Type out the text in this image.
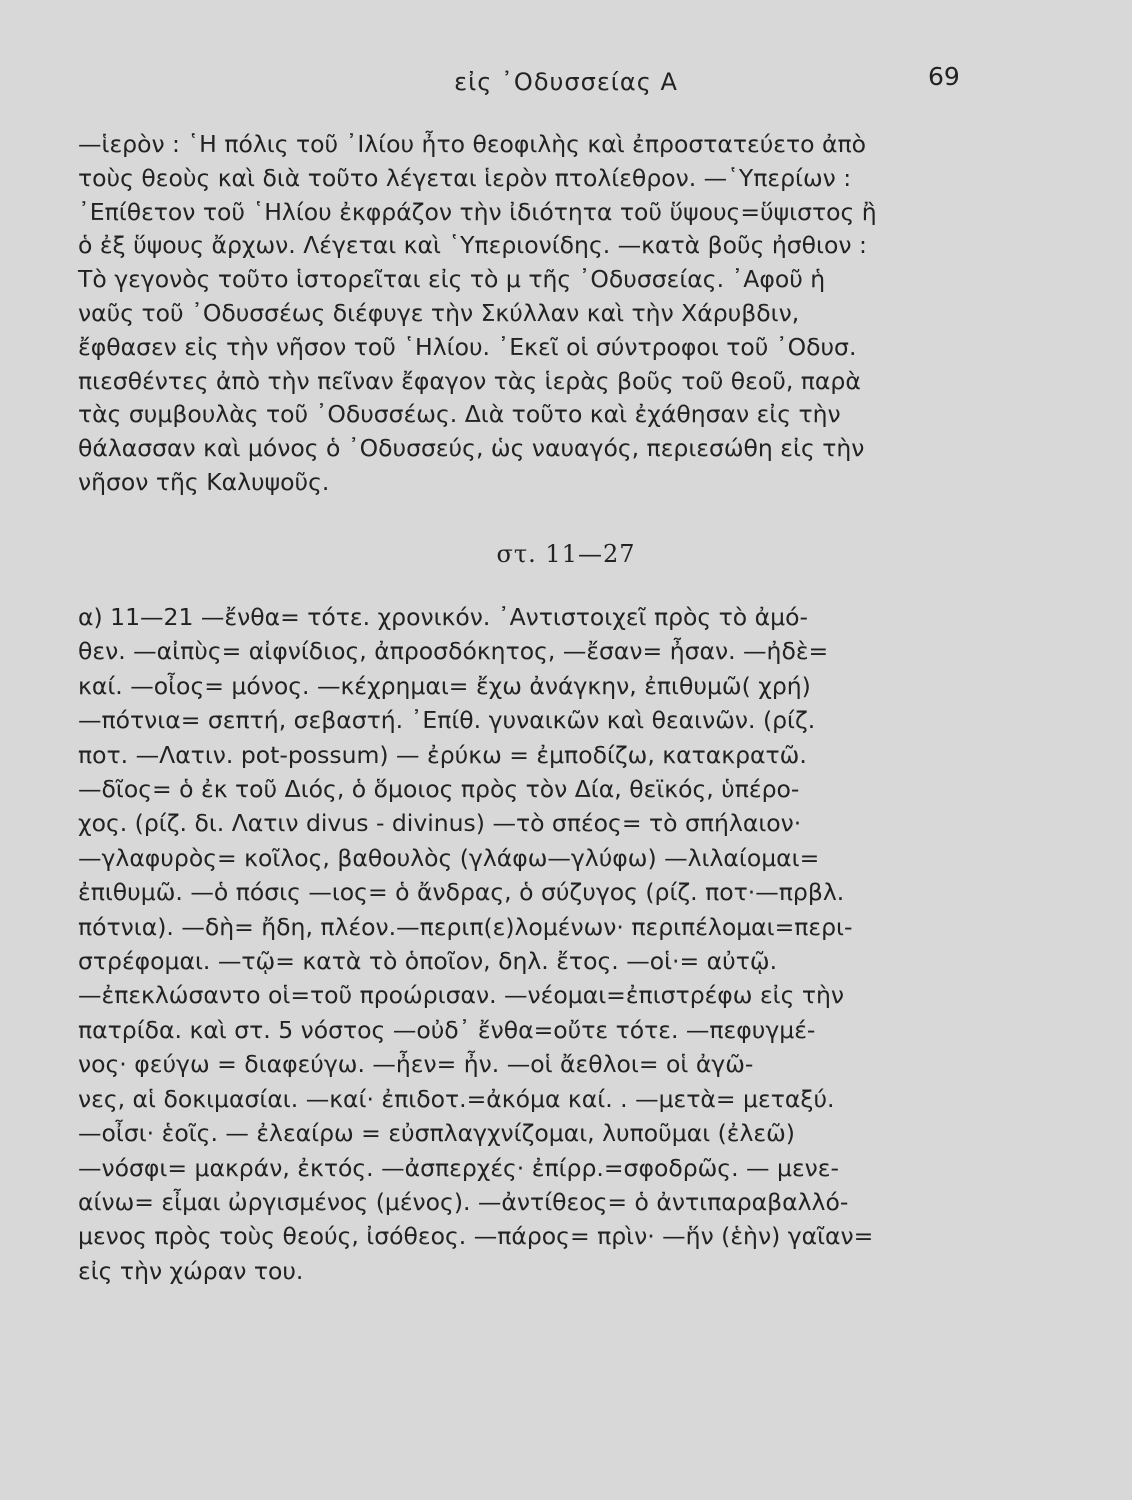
εἰς ᾿Οδυσσείας Α	69
—ἱερὸν : ῾Η πόλις τοῦ ᾿Ιλίου ἦτο θεοφιλὴς καὶ ἐπροστατεύετο ἀπὸ
τοὺς θεοὺς καὶ διὰ τοῦτο λέγεται ἱερὸν πτολίεθρον. —῾Υπερίων :
᾿Επίθετον τοῦ ῾Ηλίου ἐκφράζον τὴν ἰδιότητα τοῦ ὕψους=ὕψιστος ἢ
ὁ ἐξ ὕψους ἄρχων. Λέγεται καὶ ῾Υπεριονίδης. —κατὰ βοῦς ἠσθιον :
Τὸ γεγονὸς τοῦτο ἱστορεῖται εἰς τὸ μ τῆς ᾿Οδυσσείας. ᾿Αφοῦ ἡ
ναῦς τοῦ ᾿Οδυσσέως διέφυγε τὴν Σκύλλαν καὶ τὴν Χάρυβδιν,
ἔφθασεν εἰς τὴν νῆσον τοῦ ῾Ηλίου. ᾿Εκεῖ οἱ σύντροφοι τοῦ ᾿Οδυσ.
πιεσθέντες ἀπὸ τὴν πεῖναν ἔφαγον τὰς ἱερὰς βοῦς τοῦ θεοῦ, παρὰ
τὰς συμβουλὰς τοῦ ᾿Οδυσσέως. Διὰ τοῦτο καὶ ἐχάθησαν εἰς τὴν
θάλασσαν καὶ μόνος ὁ ᾿Οδυσσεύς, ὡς ναυαγός, περιεσώθη εἰς τὴν
νῆσον τῆς Καλυψοῦς.
στ. 11—27
α) 11—21 —ἔνθα= τότε. χρονικόν. ᾿Αντιστοιχεῖ πρὸς τὸ ἀμό-
θεν. —αἰπὺς= αἰφνίδιος, ἀπροσδόκητος, —ἔσαν= ἦσαν. —ἠδὲ=
καί. —οἶος= μόνος. —κέχρημαι= ἔχω ἀνάγκην, ἐπιθυμῶ( χρή)
—πότνια= σεπτή, σεβαστή. ᾿Επίθ. γυναικῶν καὶ θεαινῶν. (ρίζ.
ποτ. —Λατιν. pot-possum) — ἐρύκω = ἐμποδίζω, κατακρατῶ.
—δῖος= ὁ ἐκ τοῦ Διός, ὁ ὅμοιος πρὸς τὸν Δία, θεϊκός, ὑπέρο-
χος. (ρίζ. δι. Λατιν divus - divinus) —τὸ σπέος= τὸ σπήλαιον·
—γλαφυρὸς= κοῖλος, βαθουλὸς (γλάφω—γλύφω) —λιλαίομαι=
ἐπιθυμῶ. —ὁ πόσις —ιος= ὁ ἄνδρας, ὁ σύζυγος (ρίζ. ποτ·—πρβλ.
πότνια). —δὴ= ἤδη, πλέον.—περιπ(ε)λομένων· περιπέλομαι=περι-
στρέφομαι. —τῷ= κατὰ τὸ ὁποῖον, δηλ. ἔτος. —οἱ·= αὐτῷ.
—ἐπεκλώσαντο οἱ=τοῦ προώρισαν. —νέομαι=ἐπιστρέφω εἰς τὴν
πατρίδα. καὶ στ. 5 νόστος —οὐδ᾿ ἔνθα=οὔτε τότε. —πεφυγμέ-
νος· φεύγω = διαφεύγω. —ἦεν= ἦν. —οἱ ἄεθλοι= οἱ ἀγῶ-
νες, αἱ δοκιμασίαι. —καί· ἐπιδοτ.=ἀκόμα καί. . —μετὰ= μεταξύ.
—οἶσι· ἑοῖς. — ἐλεαίρω = εὐσπλαγχνίζομαι, λυποῦμαι (ἐλεῶ)
—νόσφι= μακράν, ἐκτός. —ἀσπερχές· ἐπίρρ.=σφοδρῶς. — μενε-
αίνω= εἶμαι ὠργισμένος (μένος). —ἀντίθεος= ὁ ἀντιπαραβαλλό-
μενος πρὸς τοὺς θεούς, ἰσόθεος. —πάρος= πρὶν· —ἥν (ἑὴν) γαῖαν=
εἰς τὴν χώραν του.
